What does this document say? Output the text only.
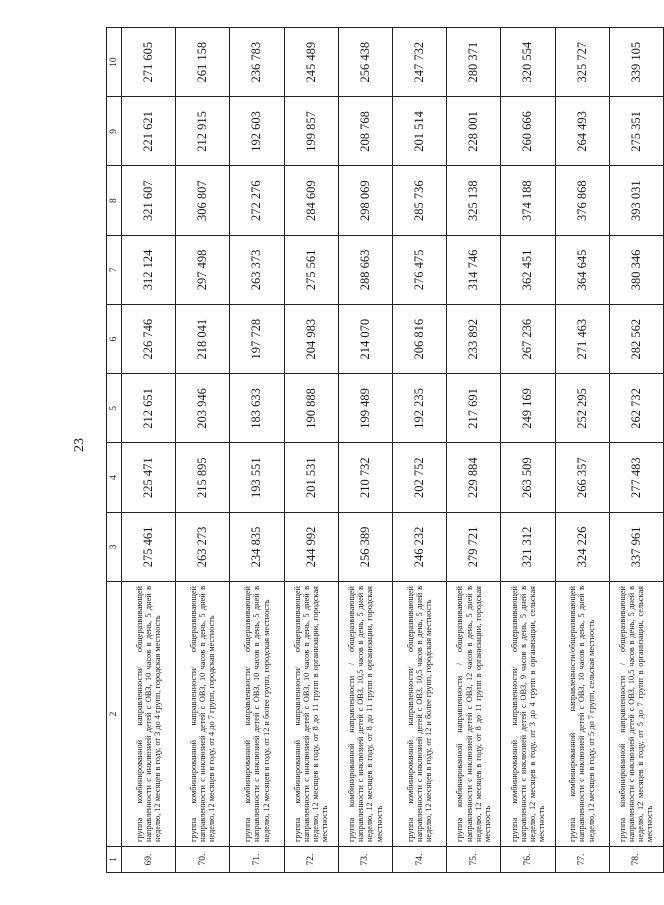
23
1	2	3	4	5	6	7	8	9	10
69.	группа комбинированной направленности/ общеразвивающей направленности с инклюзией детей с ОВЗ, 10 часов в день, 5 дней в неделю, 12 месяцев в году, от 3 до 4 групп, городская местность	275 461	225 471	212 651	226 746	312 124	321 607	221 621	271 605
70.	группа комбинированной направленности/ общеразвивающей направленности с инклюзией детей с ОВЗ, 10 часов в день, 5 дней в неделю, 12 месяцев в году, от 4 до 7 групп, городская местность	263 273	215 895	203 946	218 041	297 498	306 807	212 915	261 158
71.	группа комбинированной направленности/ общеразвивающей направленности с инклюзией детей с ОВЗ, 10 часов в день, 5 дней в неделю, 12 месяцев в году, от 12 и более групп, городская местность	234 835	193 551	183 633	197 728	263 373	272 276	192 603	236 783
72.	группа комбинированной направленности/ общеразвивающей направленности с инклюзией детей с ОВЗ, 10 часов в день, 5 дней в неделю, 12 месяцев в году, от 8 до 11 групп в организации, городская местность	244 992	201 531	190 888	204 983	275 561	284 609	199 857	245 489
73.	группа комбинированной направленности / общеразвивающей направленности с инклюзией детей с ОВЗ, 10,5 часов в день, 5 дней в неделю, 12 месяцев в году, от 8 до 11 групп в организации, городская местность	256 389	210 732	199 489	214 070	288 663	298 069	208 768	256 438
74.	группа комбинированной направленности/ общеразвивающей направленности с инклюзией детей с ОВЗ, 10,5 часов в день, 5 дней в неделю, 12 месяцев в году, от 12 и более групп, городская местность	246 232	202 752	192 235	206 816	276 475	285 736	201 514	247 732
75.	группа комбинированной направленности / общеразвивающей направленности с инклюзией детей с ОВЗ, 12 часов в день, 5 дней в неделю, 12 месяцев в году, от 8 до 11 групп в организации, городская местность	279 721	229 884	217 691	233 892	314 746	325 138	228 001	280 371
76.	группа комбинированной направленности/ общеразвивающей направленности с инклюзией детей с ОВЗ, 9 часов в день, 5 дней в неделю, 12 месяцев в году, от 3 до 4 групп в организации, сельская местность	321 312	263 509	249 169	267 236	362 451	374 188	260 666	320 554
77.	группа комбинированной направленности/общеразвивающей направленности с инклюзией детей с ОВЗ, 10 часов в день, 5 дней в неделю, 12 месяцев в году, от 5 до 7 групп, сельская местность	324 226	266 357	252 295	271 463	364 645	376 868	264 493	325 727
78.	группа комбинированной направленности / общеразвивающей направленности с инклюзией детей с ОВЗ, 10,5 часов в день, 5 дней в неделю, 12 месяцев в году, от 5 до 7 групп в организации, сельская местность	337 961	277 483	262 732	282 562	380 346	393 031	275 351	339 105
